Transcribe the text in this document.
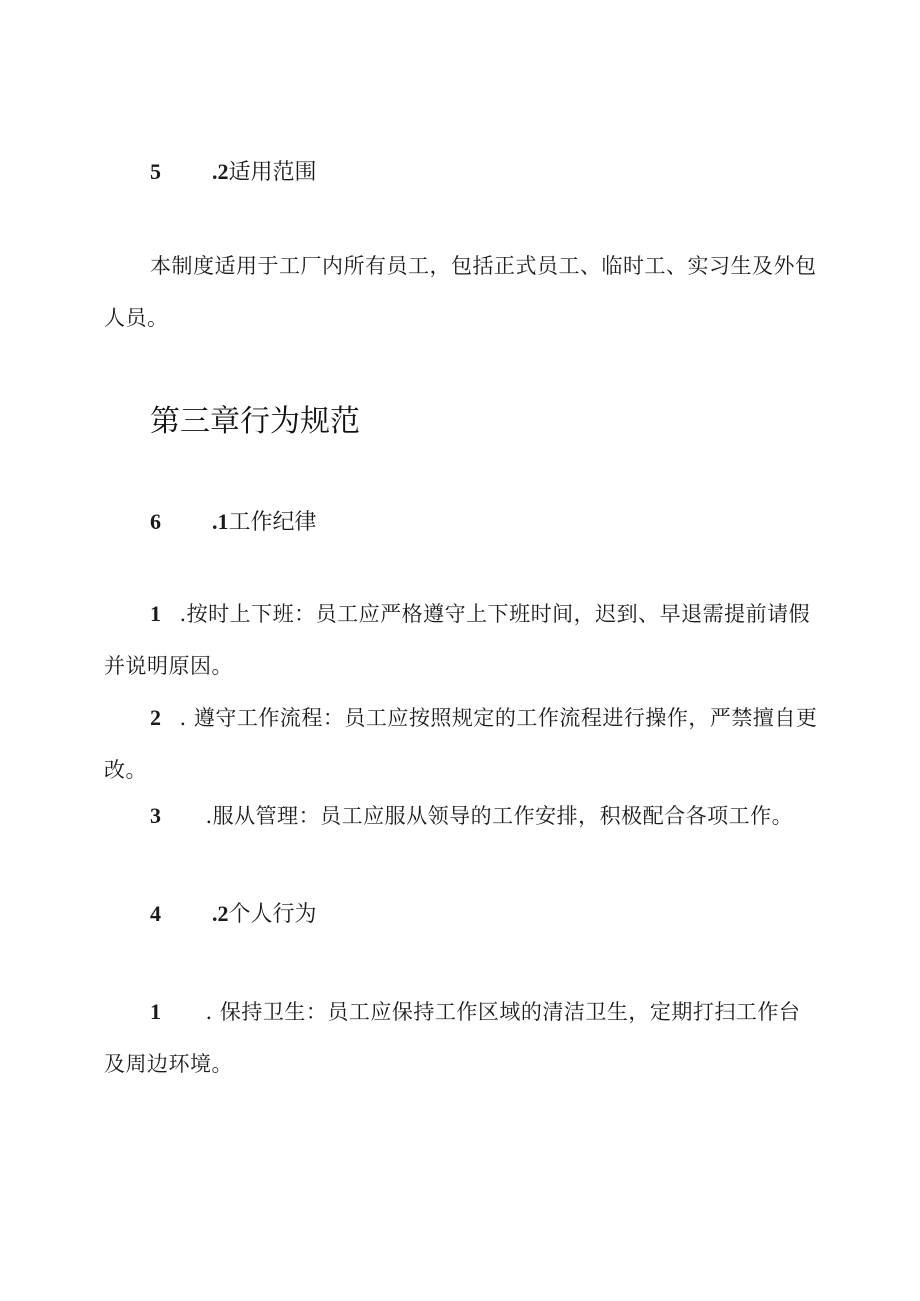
5 .2适用范围
本制度适用于工厂内所有员工，包括正式员工、临时工、实习生及外包人员。
第三章行为规范
6 .1工作纪律
1 .按时上下班：员工应严格遵守上下班时间，迟到、早退需提前请假并说明原因。
2 . 遵守工作流程：员工应按照规定的工作流程进行操作，严禁擅自更改。
3 .服从管理：员工应服从领导的工作安排，积极配合各项工作。
4 .2个人行为
1 . 保持卫生：员工应保持工作区域的清洁卫生，定期打扫工作台及周边环境。
